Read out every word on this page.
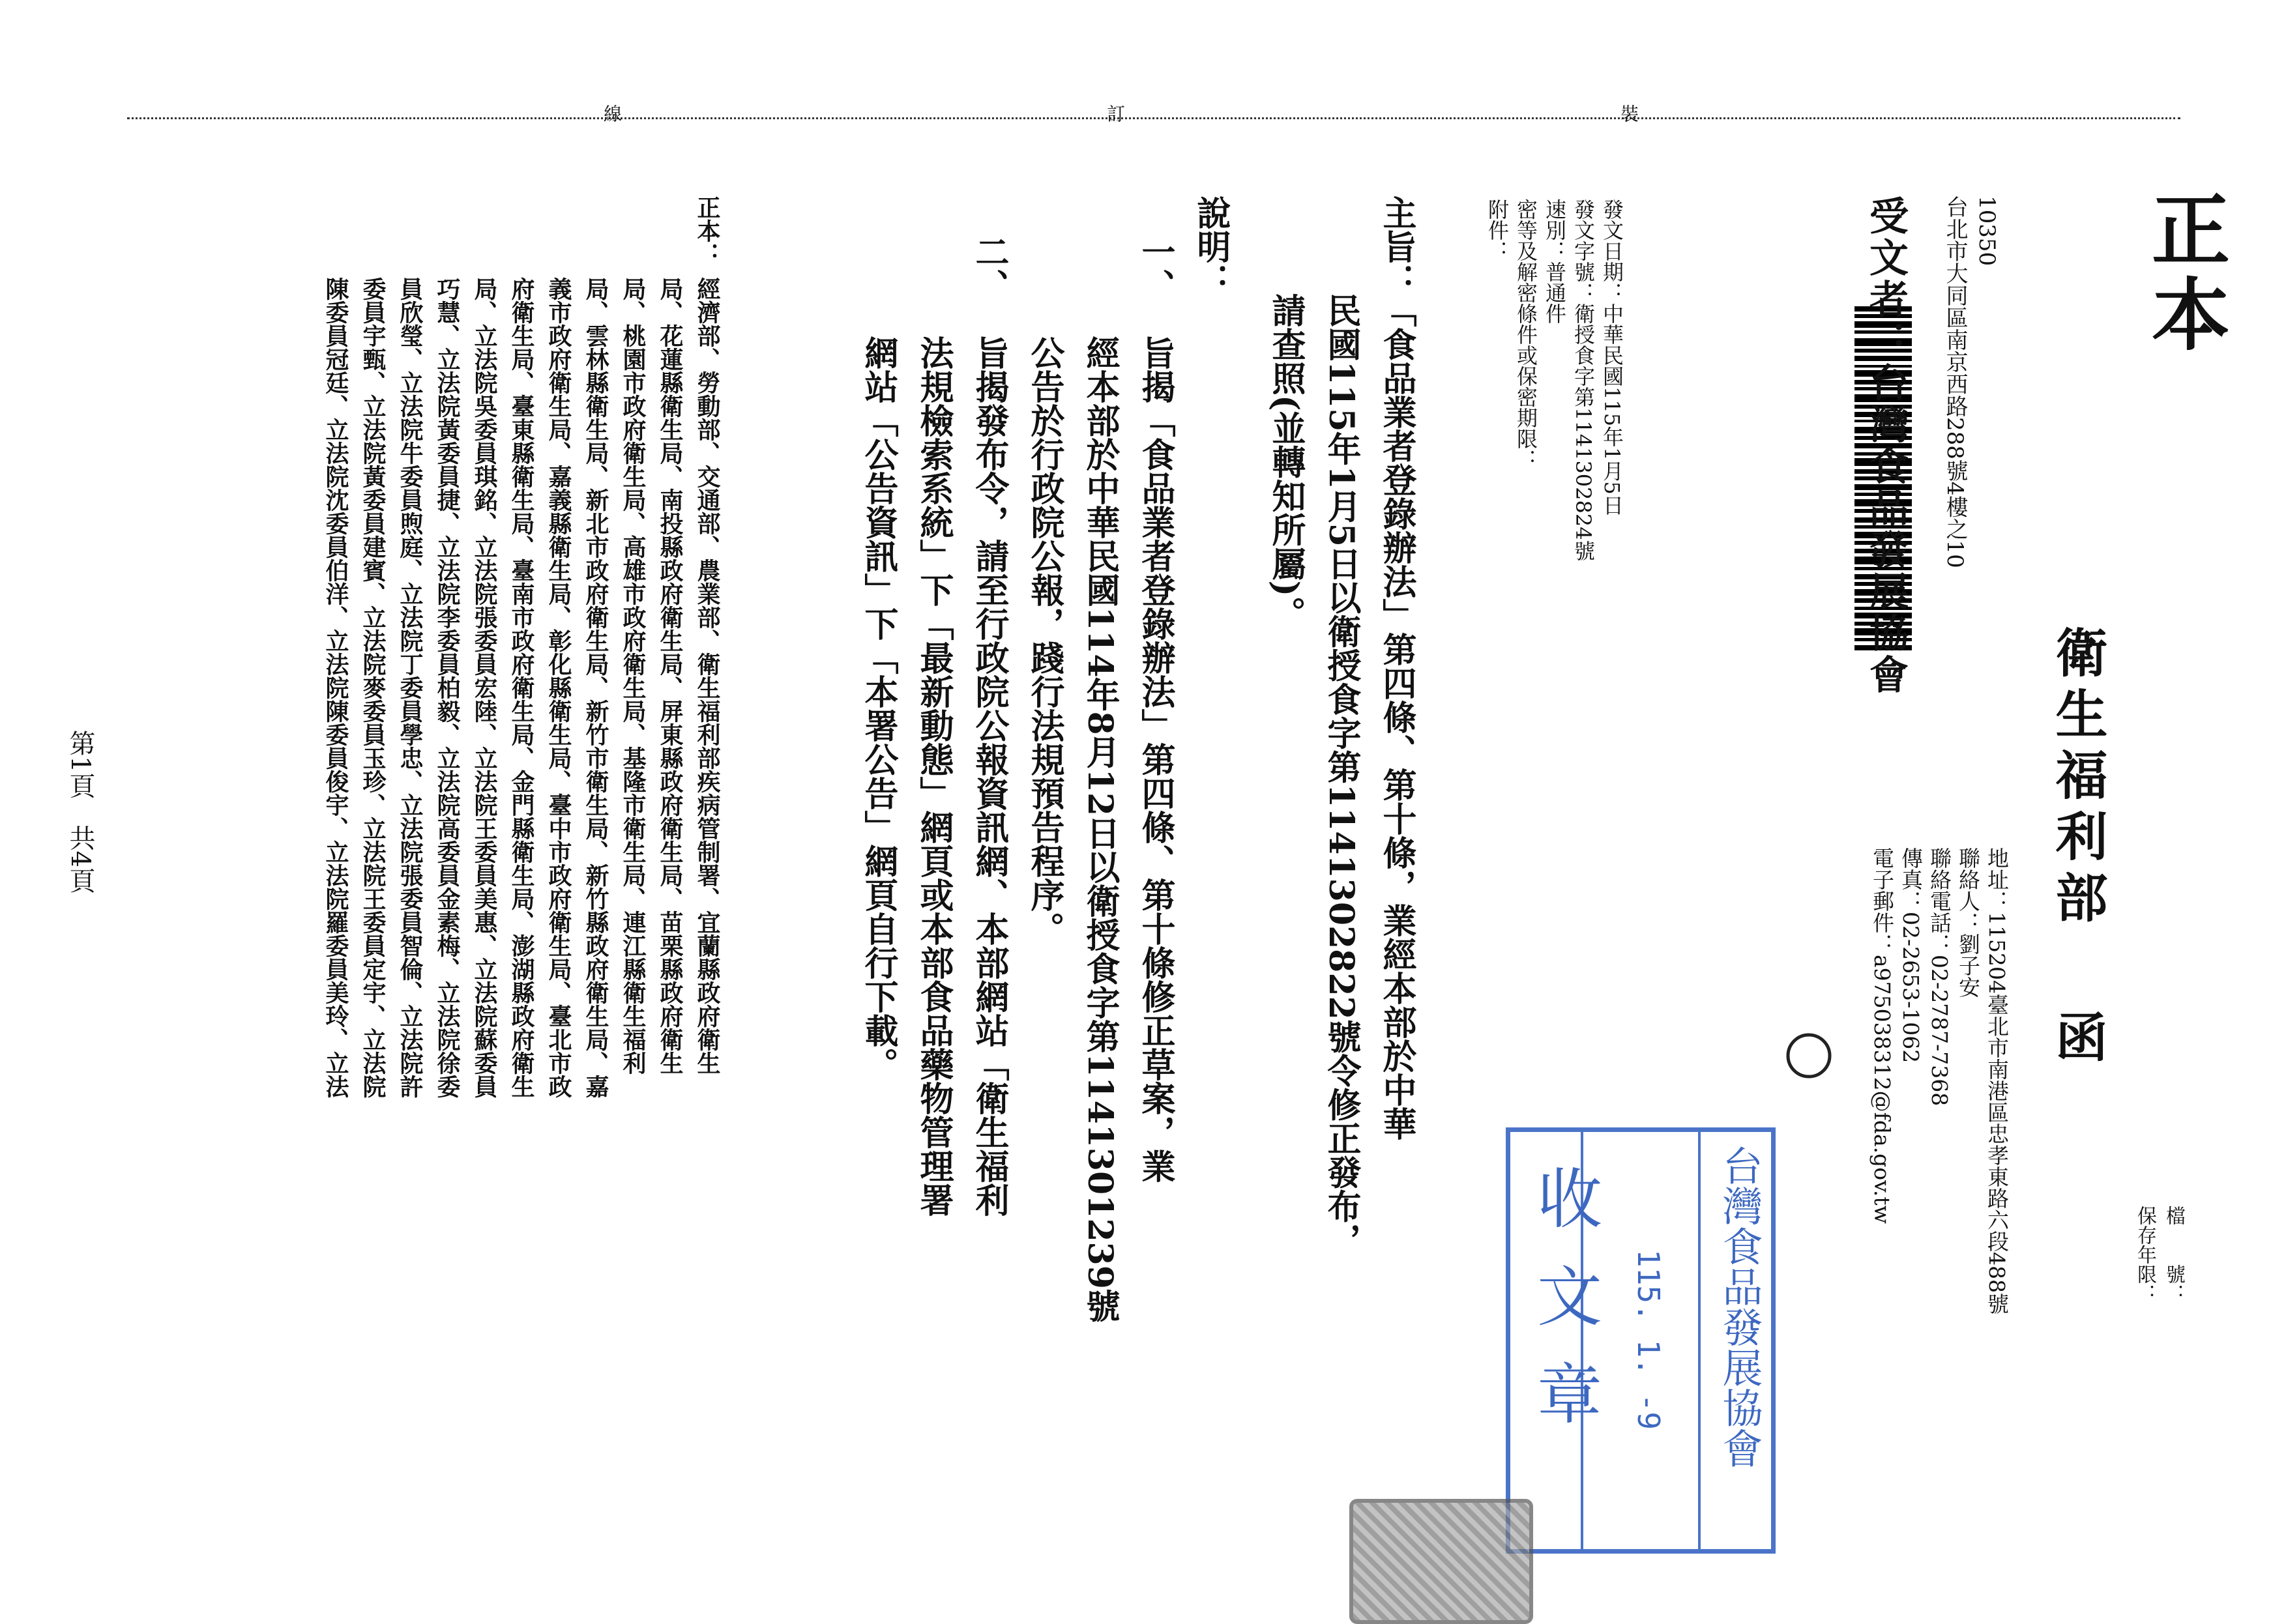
裝
訂
線
檔　　號：
保存年限：
正本
衛生福利部
函
地址：115204臺北市南港區忠孝東路六段488號
聯絡人：劉子安
聯絡電話：02-2787-7368
傳真：02-2653-1062
電子郵件：a97503831​2@fda.gov.tw
10350
台北市大同區南京西路288號4樓之10
受文者：台灣食品發展協會
發文日期：中華民國115年1月5日
發文字號：衛授食字第1141302824號
速別：普通件
密等及解密條件或保密期限：
附件：
主旨：
「食品業者登錄辦法」第四條、第十條，業經本部於中華
民國115年1月5日以衛授食字第1141302822號令修正發布，
請查照(並轉知所屬)。
說明：
一、
旨揭「食品業者登錄辦法」第四條、第十條修正草案，業
經本部於中華民國114年8月12日以衛授食字第1141301239號
公告於行政院公報，踐行法規預告程序。
二、
旨揭發布令，請至行政院公報資訊網、本部網站「衛生福利
法規檢索系統」下「最新動態」網頁或本部食品藥物管理署
網站「公告資訊」下「本署公告」網頁自行下載。
正本：
經濟部、勞動部、交通部、農業部、衛生福利部疾病管制署、宜蘭縣政府衛生
局、花蓮縣衛生局、南投縣政府衛生局、屏東縣政府衛生局、苗栗縣政府衛生
局、桃園市政府衛生局、高雄市政府衛生局、基隆市衛生局、連江縣衛生福利
局、雲林縣衛生局、新北市政府衛生局、新竹市衛生局、新竹縣政府衛生局、嘉
義市政府衛生局、嘉義縣衛生局、彰化縣衛生局、臺中市政府衛生局、臺北市政
府衛生局、臺東縣衛生局、臺南市政府衛生局、金門縣衛生局、澎湖縣政府衛生
局、立法院吳委員琪銘、立法院張委員宏陸、立法院王委員美惠、立法院蘇委員
巧慧、立法院黃委員捷、立法院李委員柏毅、立法院高委員金素梅、立法院徐委
員欣瑩、立法院牛委員煦庭、立法院丁委員學忠、立法院張委員智倫、立法院許
委員宇甄、立法院黃委員建賓、立法院麥委員玉珍、立法院王委員定宇、立法院
陳委員冠廷、立法院沈委員伯洋、立法院陳委員俊宇、立法院羅委員美玲、立法
第1頁　共4頁
台灣食品發展協會
115. 1. -9
收文章
